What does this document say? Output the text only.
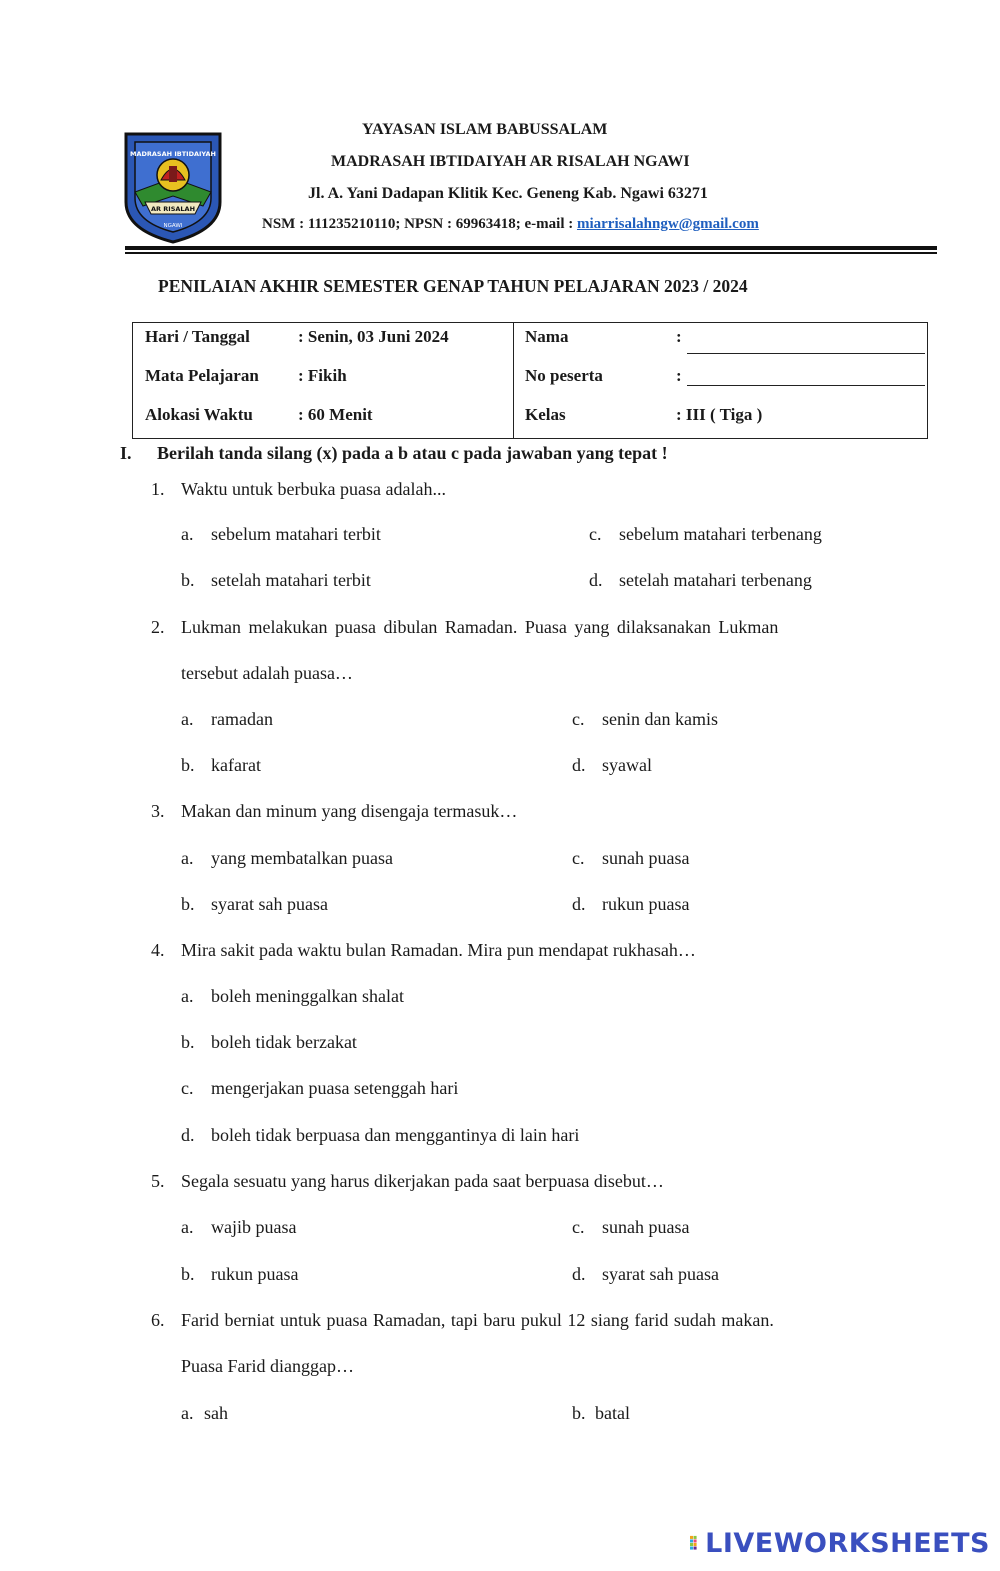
MADRASAH IBTIDAIYAH
AR RISALAH
NGAWI
YAYASAN ISLAM BABUSSALAM
MADRASAH IBTIDAIYAH AR RISALAH NGAWI
Jl. A. Yani Dadapan Klitik Kec. Geneng Kab. Ngawi 63271
NSM : 111235210110; NPSN : 69963418; e-mail : miarrisalahngw@gmail.com
PENILAIAN AKHIR SEMESTER GENAP TAHUN PELAJARAN 2023 / 2024
Hari / Tanggal	: Senin, 03 Juni 2024
Mata Pelajaran : Fikih
Alokasi Waktu	: 60 Menit
Nama	:
No peserta	:
Kelas	: III ( Tiga )
I. Berilah tanda silang (x) pada a b atau c pada jawaban yang tepat !
1. Waktu untuk berbuka puasa adalah...
a. sebelum matahari terbit
b. setelah matahari terbit
c. sebelum matahari terbenang
d. setelah matahari terbenang
2. Lukman melakukan puasa dibulan Ramadan. Puasa yang dilaksanakan Lukman
tersebut adalah puasa…
a. ramadan
b. kafarat
c. senin dan kamis
d. syawal
3. Makan dan minum yang disengaja termasuk…
a. yang membatalkan puasa
b. syarat sah puasa
c. sunah puasa
d. rukun puasa
4. Mira sakit pada waktu bulan Ramadan. Mira pun mendapat rukhasah…
a. boleh meninggalkan shalat
b. boleh tidak berzakat
c. mengerjakan puasa setenggah hari
d. boleh tidak berpuasa dan menggantinya di lain hari
5. Segala sesuatu yang harus dikerjakan pada saat berpuasa disebut…
a. wajib puasa
b. rukun puasa
c. sunah puasa
d. syarat sah puasa
6. Farid berniat untuk puasa Ramadan, tapi baru pukul 12 siang farid sudah makan.
Puasa Farid dianggap…
a. sah	b. batal
LIVEWORKSHEETS
